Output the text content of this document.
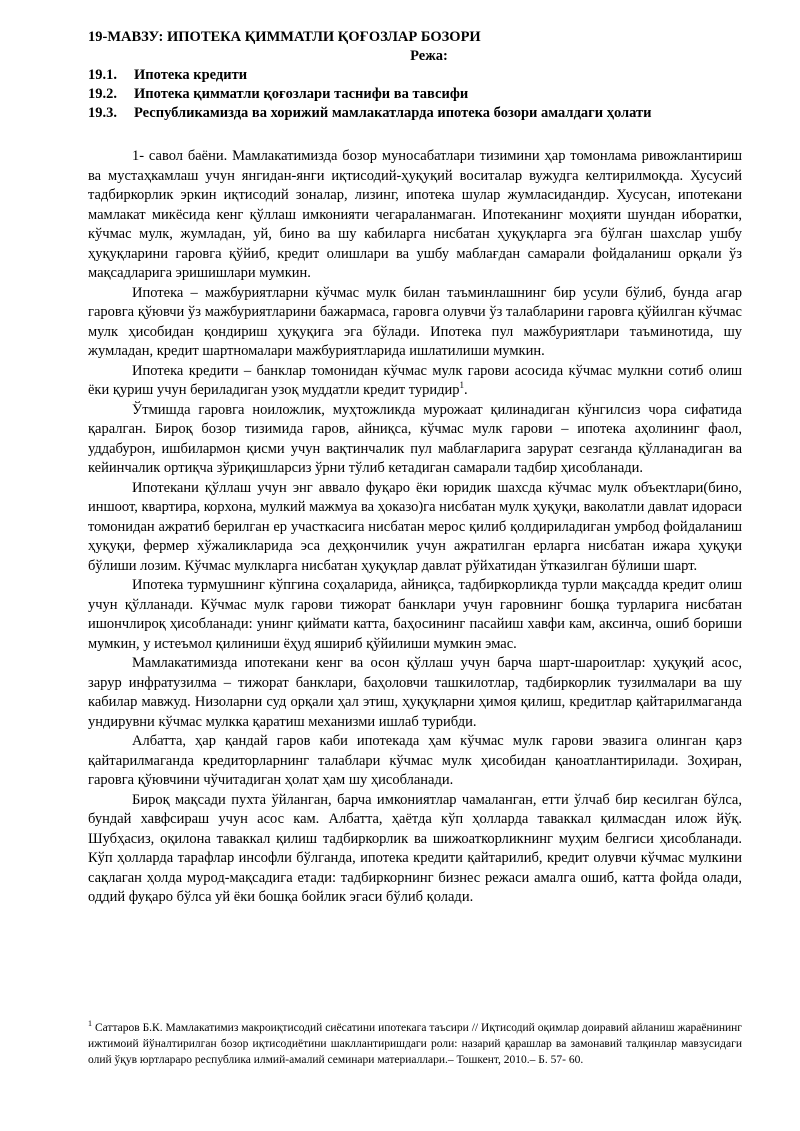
19-МАВЗУ: ИПОТЕКА ҚИММАТЛИ ҚОҒОЗЛАР БОЗОРИ

Режа:

19.1.	Ипотека кредити
19.2.	Ипотека қимматли қоғозлари таснифи ва тавсифи
19.3.	Республикамизда ва хорижий мамлакатларда ипотека бозори амалдаги ҳолати

1- савол баёни. Мамлакатимизда бозор муносабатлари тизимини ҳар томонлама ривожлантириш ва мустаҳкамлаш учун янгидан-янги иқтисодий-ҳуқуқий воситалар вужудга келтирилмоқда. Хусусий тадбиркорлик эркин иқтисодий зоналар, лизинг, ипотека шулар жумласидандир. Хусусан, ипотекани мамлакат микёсида кенг қўллаш имконияти чегараланмаган. Ипотеканинг моҳияти шундан иборатки, кўчмас мулк, жумладан, уй, бино ва шу кабиларга нисбатан ҳуқуқларга эга бўлган шахслар ушбу ҳуқуқларини гаровга қўйиб, кредит олишлари ва ушбу маблағдан самарали фойдаланиш орқали ўз мақсадларига эришишлари мумкин.

Ипотека – мажбуриятларни кўчмас мулк билан таъминлашнинг бир усули бўлиб, бунда агар гаровга қўювчи ўз мажбуриятларини бажармаса, гаровга олувчи ўз талабларини гаровга қўйилган кўчмас мулк ҳисобидан қондириш ҳуқуқига эга бўлади. Ипотека пул мажбуриятлари таъминотида, шу жумладан, кредит шартномалари мажбуриятларида ишлатилиши мумкин.

Ипотека кредити – банклар томонидан кўчмас мулк гарови асосида кўчмас мулкни сотиб олиш ёки қуриш учун бериладиган узоқ муддатли кредит туридир$^1$.

Ўтмишда гаровга ноиложлик, муҳтожликда мурожаат қилинадиган кўнгилсиз чора сифатида қаралган. Бироқ бозор тизимида гаров, айниқса, кўчмас мулк гарови – ипотека аҳолининг фаол, уддабурон, ишбилармон қисми учун вақтинчалик пул маблағларига зарурат сезганда қўлланадиган ва кейинчалик ортиқча зўриқишларсиз ўрни тўлиб кетадиган самарали тадбир ҳисобланади.

Ипотекани қўллаш учун энг аввало фуқаро ёки юридик шахсда кўчмас мулк объектлари(бино, иншоот, квартира, корхона, мулкий мажмуа ва ҳоказо)га нисбатан мулк ҳуқуқи, ваколатли давлат идораси томонидан ажратиб берилган ер участкасига нисбатан мерос қилиб қолдириладиган умрбод фойдаланиш ҳуқуқи, фермер хўжаликларида эса деҳқончилик учун ажратилган ерларга нисбатан ижара ҳуқуқи бўлиши лозим. Кўчмас мулкларга нисбатан ҳуқуқлар давлат рўйхатидан ўтказилган бўлиши шарт.

Ипотека турмушнинг кўпгина соҳаларида, айниқса, тадбиркорликда турли мақсадда кредит олиш учун қўлланади. Кўчмас мулк гарови тижорат банклари учун гаровнинг бошқа турларига нисбатан ишончлироқ ҳисобланади: унинг қиймати катта, баҳосининг пасайиш хавфи кам, аксинча, ошиб бориши мумкин, у истеъмол қилиниши ёҳуд яшириб қўйилиши мумкин эмас.

Мамлакатимизда ипотекани кенг ва осон қўллаш учун барча шарт-шароитлар: ҳуқуқий асос, зарур инфратузилма – тижорат банклари, баҳоловчи ташкилотлар, тадбиркорлик тузилмалари ва шу кабилар мавжуд. Низоларни суд орқали ҳал этиш, ҳуқуқларни ҳимоя қилиш, кредитлар қайтарилмаганда ундирувни кўчмас мулкка қаратиш механизми ишлаб турибди.

Албатта, ҳар қандай гаров каби ипотекада ҳам кўчмас мулк гарови эвазига олинган қарз қайтарилмаганда кредиторларнинг талаблари кўчмас мулк ҳисобидан қаноатлантирилади. Зоҳиран, гаровга қўювчини чўчитадиган ҳолат ҳам шу ҳисобланади.

Бироқ мақсади пухта ўйланган, барча имкониятлар чамаланган, етти ўлчаб бир кесилган бўлса, бундай хавфсираш учун асос кам. Албатта, ҳаётда кўп ҳолларда таваккал қилмасдан илож йўқ. Шубҳасиз, оқилона таваккал қилиш тадбиркорлик ва шижоаткорликнинг муҳим белгиси ҳисобланади. Кўп ҳолларда тарафлар инсофли бўлганда, ипотека кредити қайтарилиб, кредит олувчи кўчмас мулкини сақлаган ҳолда мурод-мақсадига етади: тадбиркорнинг бизнес режаси амалга ошиб, катта фойда олади, оддий фуқаро бўлса уй ёки бошқа бойлик эгаси бўлиб қолади.

$^1$ Саттаров Б.К. Мамлакатимиз макроиқтисодий сиёсатини ипотекага таъсири // Иқтисодий оқимлар доиравий айланиш жараёнининг ижтимоий йўналтирилган бозор иқтисодиётини шакллантиришдаги роли: назарий қарашлар ва замонавий талқинлар мавзусидаги олий ўқув юртлараро республика илмий-амалий семинари материаллари.– Тошкент, 2010.– Б. 57- 60.
